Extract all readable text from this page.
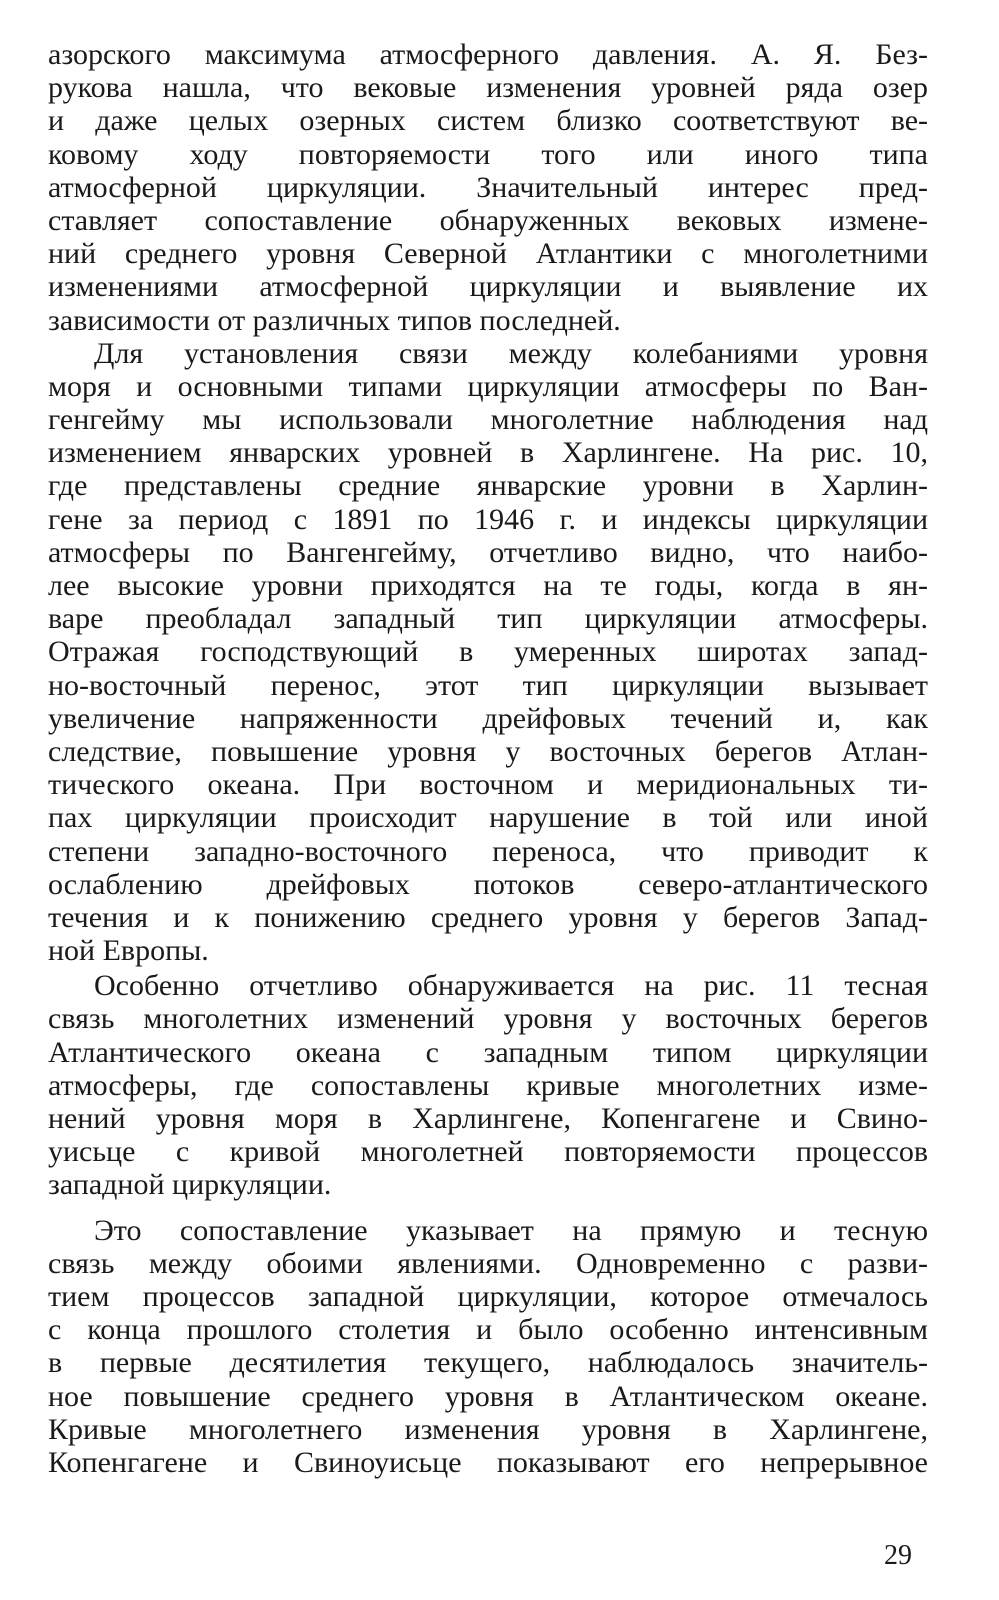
азорского максимума атмосферного давления. А. Я. Без-
рукова нашла, что вековые изменения уровней ряда озер
и даже целых озерных систем близко соответствуют ве-
ковому ходу повторяемости того или иного типа
атмосферной циркуляции. Значительный интерес пред-
ставляет сопоставление обнаруженных вековых измене-
ний среднего уровня Северной Атлантики с многолетними
изменениями атмосферной циркуляции и выявление их
зависимости от различных типов последней.
Для установления связи между колебаниями уровня
моря и основными типами циркуляции атмосферы по Ван-
генгейму мы использовали многолетние наблюдения над
изменением январских уровней в Харлингене. На рис. 10,
где представлены средние январские уровни в Харлин-
гене за период с 1891 по 1946 г. и индексы циркуляции
атмосферы по Вангенгейму, отчетливо видно, что наибо-
лее высокие уровни приходятся на те годы, когда в ян-
варе преобладал западный тип циркуляции атмосферы.
Отражая господствующий в умеренных широтах запад-
но-восточный перенос, этот тип циркуляции вызывает
увеличение напряженности дрейфовых течений и, как
следствие, повышение уровня у восточных берегов Атлан-
тического океана. При восточном и меридиональных ти-
пах циркуляции происходит нарушение в той или иной
степени западно-восточного переноса, что приводит к
ослаблению дрейфовых потоков северо-атлантического
течения и к понижению среднего уровня у берегов Запад-
ной Европы.
Особенно отчетливо обнаруживается на рис. 11 тесная
связь многолетних изменений уровня у восточных берегов
Атлантического океана с западным типом циркуляции
атмосферы, где сопоставлены кривые многолетних изме-
нений уровня моря в Харлингене, Копенгагене и Свино-
уисьце с кривой многолетней повторяемости процессов
западной циркуляции.
Это сопоставление указывает на прямую и тесную
связь между обоими явлениями. Одновременно с разви-
тием процессов западной циркуляции, которое отмечалось
с конца прошлого столетия и было особенно интенсивным
в первые десятилетия текущего, наблюдалось значитель-
ное повышение среднего уровня в Атлантическом океане.
Кривые многолетнего изменения уровня в Харлингене,
Копенгагене и Свиноуисьце показывают его непрерывное
29
